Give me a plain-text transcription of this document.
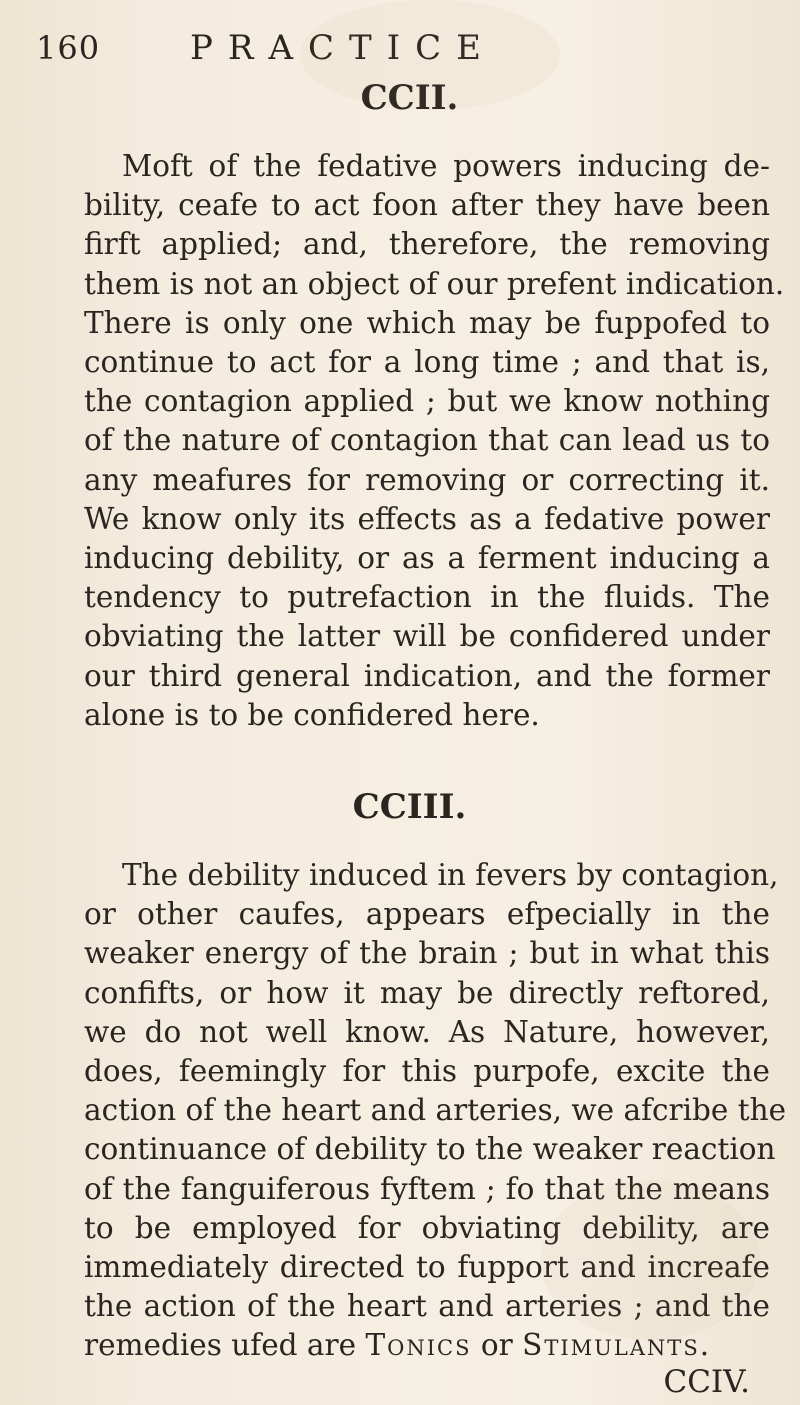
160	PRACTICE
CCII.
Moft of the fedative powers inducing de-
bility, ceafe to act foon after they have been
firft applied; and, therefore, the removing
them is not an object of our prefent indication.
There is only one which may be fuppofed to
continue to act for a long time ; and that is,
the contagion applied ; but we know nothing
of the nature of contagion that can lead us to
any meafures for removing or correcting it.
We know only its effects as a fedative power
inducing debility, or as a ferment inducing a
tendency to putrefaction in the fluids. The
obviating the latter will be confidered under
our third general indication, and the former
alone is to be confidered here.
CCIII.
The debility induced in fevers by contagion,
or other caufes, appears efpecially in the
weaker energy of the brain ; but in what this
confifts, or how it may be directly reftored,
we do not well know. As Nature, however,
does, feemingly for this purpofe, excite the
action of the heart and arteries, we afcribe the
continuance of debility to the weaker reaction
of the fanguiferous fyftem ; fo that the means
to be employed for obviating debility, are
immediately directed to fupport and increafe
the action of the heart and arteries ; and the
remedies ufed are Tonics or Stimulants.
CCIV.
